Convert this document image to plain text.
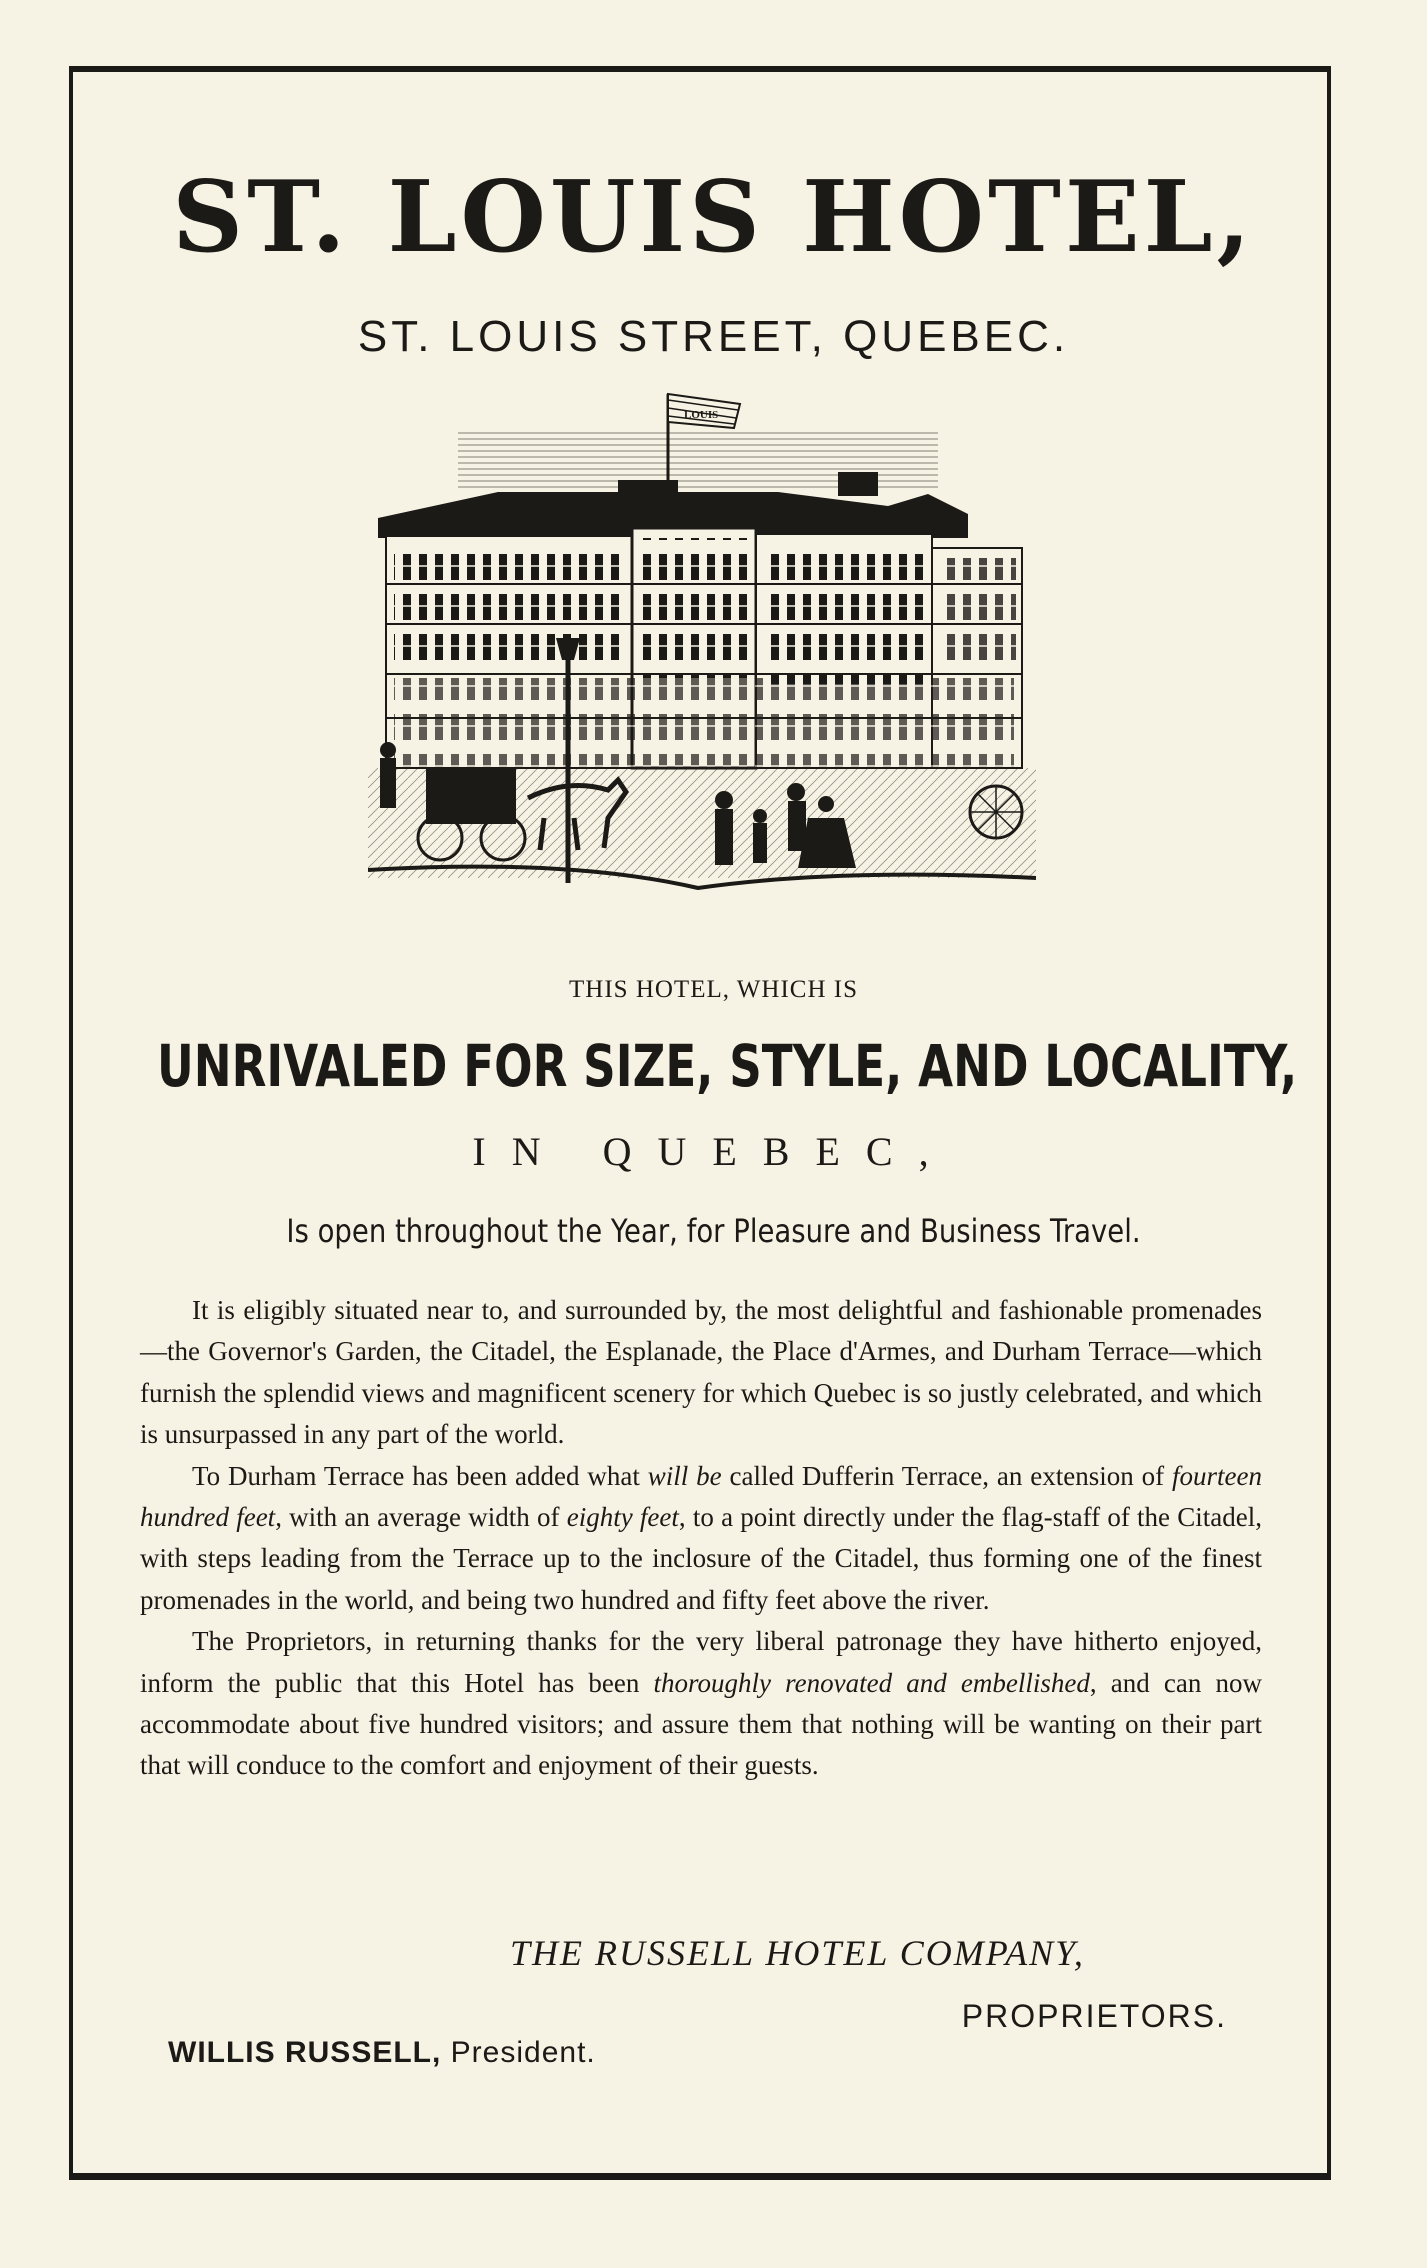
ST. LOUIS HOTEL,
ST. LOUIS STREET, QUEBEC.
LOUIS
THIS HOTEL, WHICH IS
UNRIVALED FOR SIZE, STYLE, AND LOCALITY,
IN QUEBEC,
Is open throughout the Year, for Pleasure and Business Travel.

It is eligibly situated near to, and surrounded by, the most delightful and fashionable promenades—the Governor's Garden, the Citadel, the Esplanade, the Place d'Armes, and Durham Terrace—which furnish the splendid views and magnificent scenery for which Quebec is so justly celebrated, and which is unsurpassed in any part of the world.

To Durham Terrace has been added what will be called Dufferin Terrace, an extension of fourteen hundred feet, with an average width of eighty feet, to a point directly under the flag-staff of the Citadel, with steps leading from the Terrace up to the inclosure of the Citadel, thus forming one of the finest promenades in the world, and being two hundred and fifty feet above the river.

The Proprietors, in returning thanks for the very liberal patronage they have hitherto enjoyed, inform the public that this Hotel has been thoroughly renovated and embellished, and can now accommodate about five hundred visitors; and assure them that nothing will be wanting on their part that will conduce to the comfort and enjoyment of their guests.

THE RUSSELL HOTEL COMPANY,
PROPRIETORS.
WILLIS RUSSELL, President.
